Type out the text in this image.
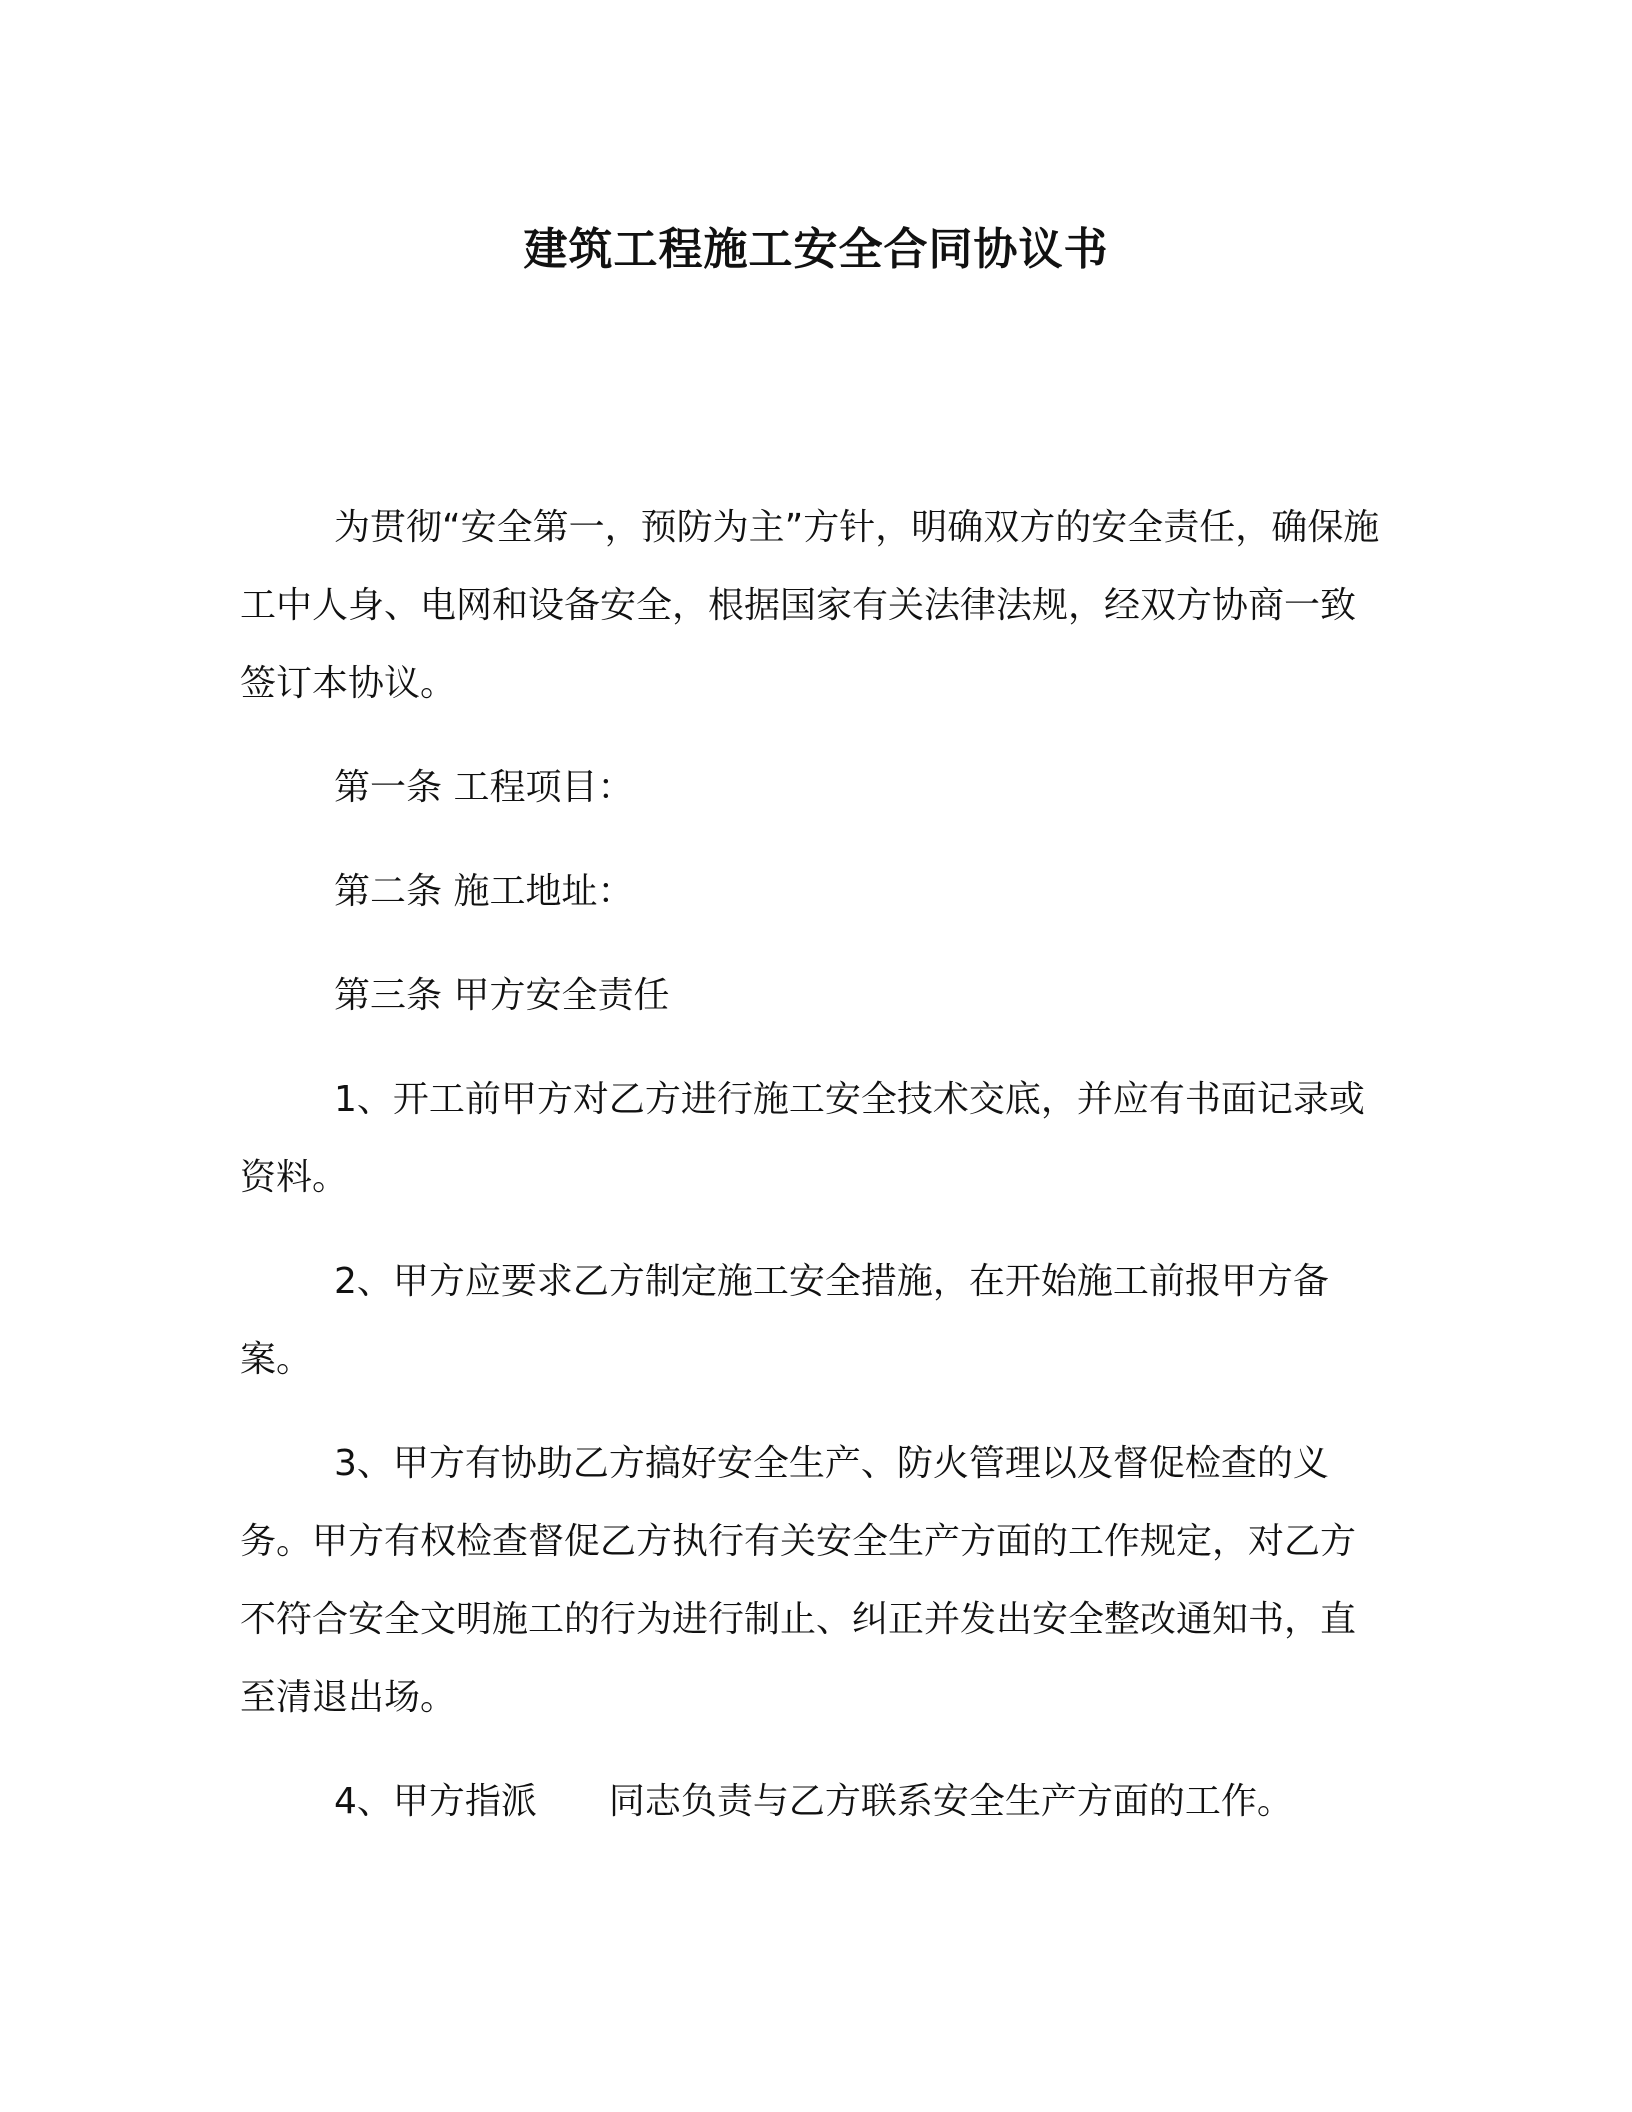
建筑工程施工安全合同协议书

为贯彻“安全第一，预防为主”方针，明确双方的安全责任，确保施工中人身、电网和设备安全，根据国家有关法律法规，经双方协商一致签订本协议。

第一条 工程项目：

第二条 施工地址：

第三条 甲方安全责任

1、开工前甲方对乙方进行施工安全技术交底，并应有书面记录或资料。

2、甲方应要求乙方制定施工安全措施，在开始施工前报甲方备案。

3、甲方有协助乙方搞好安全生产、防火管理以及督促检查的义务。甲方有权检查督促乙方执行有关安全生产方面的工作规定，对乙方不符合安全文明施工的行为进行制止、纠正并发出安全整改通知书，直至清退出场。

4、甲方指派 同志负责与乙方联系安全生产方面的工作。
